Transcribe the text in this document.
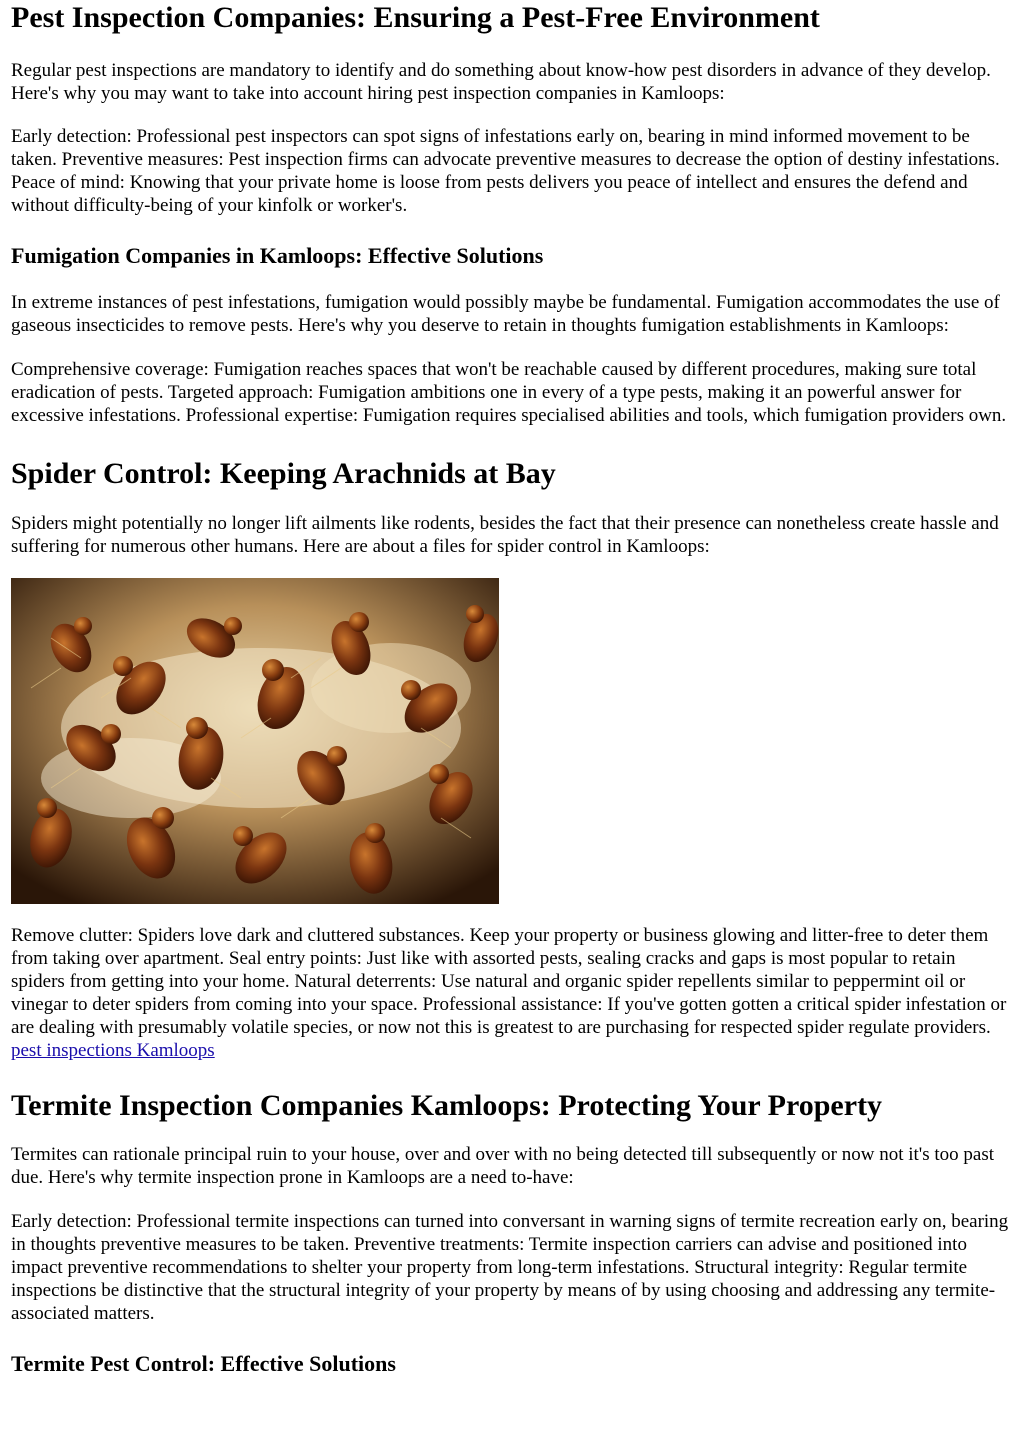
Pest Inspection Companies: Ensuring a Pest-Free Environment

Regular pest inspections are mandatory to identify and do something about know-how pest disorders in advance of they develop. Here's why you may want to take into account hiring pest inspection companies in Kamloops:

Early detection: Professional pest inspectors can spot signs of infestations early on, bearing in mind informed movement to be taken. Preventive measures: Pest inspection firms can advocate preventive measures to decrease the option of destiny infestations. Peace of mind: Knowing that your private home is loose from pests delivers you peace of intellect and ensures the defend and without difficulty-being of your kinfolk or worker's.

Fumigation Companies in Kamloops: Effective Solutions

In extreme instances of pest infestations, fumigation would possibly maybe be fundamental. Fumigation accommodates the use of gaseous insecticides to remove pests. Here's why you deserve to retain in thoughts fumigation establishments in Kamloops:

Comprehensive coverage: Fumigation reaches spaces that won't be reachable caused by different procedures, making sure total eradication of pests. Targeted approach: Fumigation ambitions one in every of a type pests, making it an powerful answer for excessive infestations. Professional expertise: Fumigation requires specialised abilities and tools, which fumigation providers own.

Spider Control: Keeping Arachnids at Bay

Spiders might potentially no longer lift ailments like rodents, besides the fact that their presence can nonetheless create hassle and suffering for numerous other humans. Here are about a files for spider control in Kamloops:

Remove clutter: Spiders love dark and cluttered substances. Keep your property or business glowing and litter-free to deter them from taking over apartment. Seal entry points: Just like with assorted pests, sealing cracks and gaps is most popular to retain spiders from getting into your home. Natural deterrents: Use natural and organic spider repellents similar to peppermint oil or vinegar to deter spiders from coming into your space. Professional assistance: If you've gotten gotten a critical spider infestation or are dealing with presumably volatile species, or now not this is greatest to are purchasing for respected spider regulate providers. pest inspections Kamloops

Termite Inspection Companies Kamloops: Protecting Your Property

Termites can rationale principal ruin to your house, over and over with no being detected till subsequently or now not it's too past due. Here's why termite inspection prone in Kamloops are a need to-have:

Early detection: Professional termite inspections can turned into conversant in warning signs of termite recreation early on, bearing in thoughts preventive measures to be taken. Preventive treatments: Termite inspection carriers can advise and positioned into impact preventive recommendations to shelter your property from long-term infestations. Structural integrity: Regular termite inspections be distinctive that the structural integrity of your property by means of by using choosing and addressing any termite-associated matters.

Termite Pest Control: Effective Solutions
